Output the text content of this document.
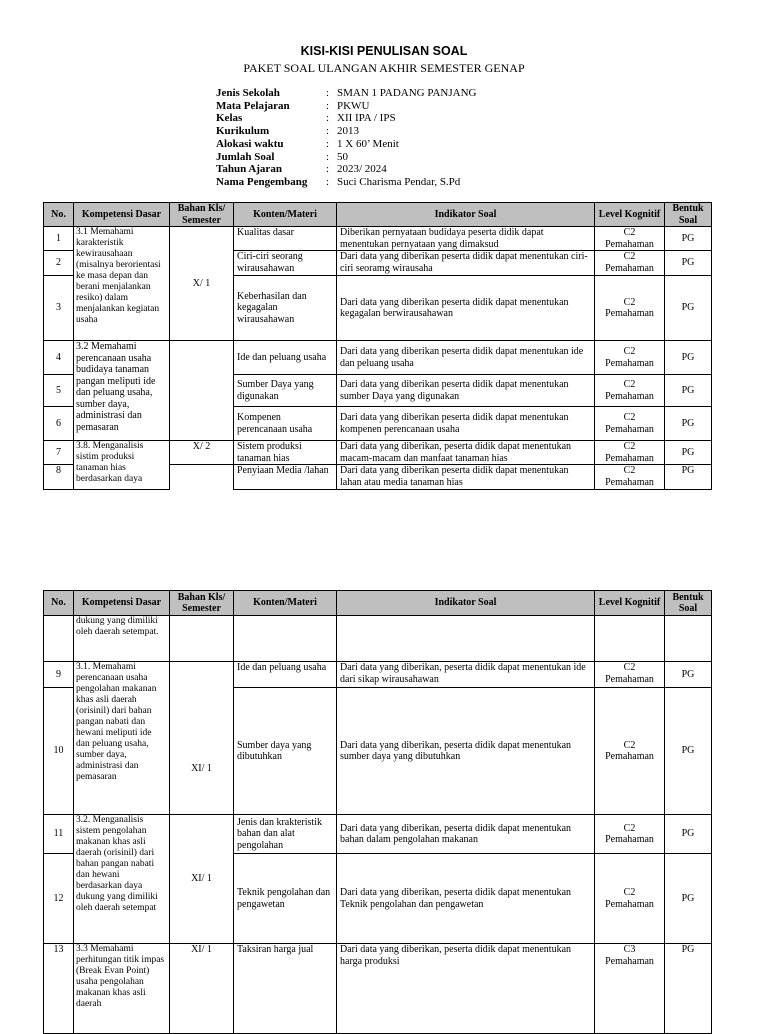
KISI-KISI PENULISAN SOAL
PAKET SOAL ULANGAN AKHIR SEMESTER GENAP
Jenis Sekolah	: SMAN 1 PADANG PANJANG
Mata Pelajaran	: PKWU
Kelas	: XII IPA / IPS
Kurikulum	: 2013
Alokasi waktu	: 1 X 60’ Menit
Jumlah Soal	: 50
Tahun Ajaran	: 2023/ 2024
Nama Pengembang	: Suci Charisma Pendar, S.Pd
No.	Kompetensi Dasar	Bahan Kls/ Semester	Konten/Materi	Indikator Soal	Level Kognitif	Bentuk Soal
1	3.1 Memahami karakteristik kewirausahaan (misalnya berorientasi ke masa depan dan berani menjalankan resiko) dalam menjalankan kegiatan usaha	X/ 1	Kualitas dasar	Diberikan pernyataan budidaya peserta didik dapat menentukan pernyataan yang dimaksud	C2 Pemahaman	PG
2			Ciri-ciri seorang wirausahawan	Dari data yang diberikan peserta didik dapat menentukan ciri-ciri seoramg wirausaha	C2 Pemahaman	PG
3			Keberhasilan dan kegagalan wirausahawan	Dari data yang diberikan peserta didik dapat menentukan kegagalan berwirausahawan	C2 Pemahaman	PG
4	3.2 Memahami perencanaan usaha budidaya tanaman pangan meliputi ide dan peluang usaha, sumber daya, administrasi dan pemasaran		Ide dan peluang usaha	Dari data yang diberikan peserta didik dapat menentukan ide dan peluang usaha	C2 Pemahaman	PG
5			Sumber Daya yang digunakan	Dari data yang diberikan peserta didik dapat menentukan sumber Daya yang digunakan	C2 Pemahaman	PG
6			Kompenen perencanaan usaha	Dari data yang diberikan peserta didik dapat menentukan kompenen perencanaan usaha	C2 Pemahaman	PG
7	3.8. Menganalisis sistim produksi tanaman hias berdasarkan daya	X/ 2	Sistem produksi tanaman hias	Dari data yang diberikan, peserta didik dapat menentukan macam-macam dan manfaat tanaman hias	C2 Pemahaman	PG
8			Penyiaan Media /lahan	Dari data yang diberikan peserta didik dapat menentukan lahan atau media tanaman hias	C2 Pemahaman	PG
No.	Kompetensi Dasar	Bahan Kls/ Semester	Konten/Materi	Indikator Soal	Level Kognitif	Bentuk Soal
	dukung yang dimiliki oleh daerah setempat.					
9	3.1. Memahami perencanaan usaha pengolahan makanan khas asli daerah (orisinil) dari bahan pangan nabati dan hewani meliputi ide dan peluang usaha, sumber daya, administrasi dan pemasaran	XI/ 1	Ide dan peluang usaha	Dari data yang diberikan, peserta didik dapat menentukan ide dari sikap wirausahawan	C2 Pemahaman	PG
10			Sumber daya yang dibutuhkan	Dari data yang diberikan, peserta didik dapat menentukan sumber daya yang dibutuhkan	C2 Pemahaman	PG
11	3.2. Menganalisis sistem pengolahan makanan khas asli daerah (orisinil) dari bahan pangan nabati dan hewani berdasarkan daya dukung yang dimiliki oleh daerah setempat	XI/ 1	Jenis dan krakteristik bahan dan alat pengolahan	Dari data yang diberikan, peserta didik dapat menentukan bahan dalam pengolahan makanan	C2 Pemahaman	PG
12			Teknik pengolahan dan pengawetan	Dari data yang diberikan, peserta didik dapat menentukan Teknik pengolahan dan pengawetan	C2 Pemahaman	PG
13	3.3 Memahami perhitungan titik impas (Break Evan Point) usaha pengolahan makanan khas asli daerah	XI/ 1	Taksiran harga jual	Dari data yang diberikan, peserta didik dapat menentukan harga produksi	C3 Pemahaman	PG
